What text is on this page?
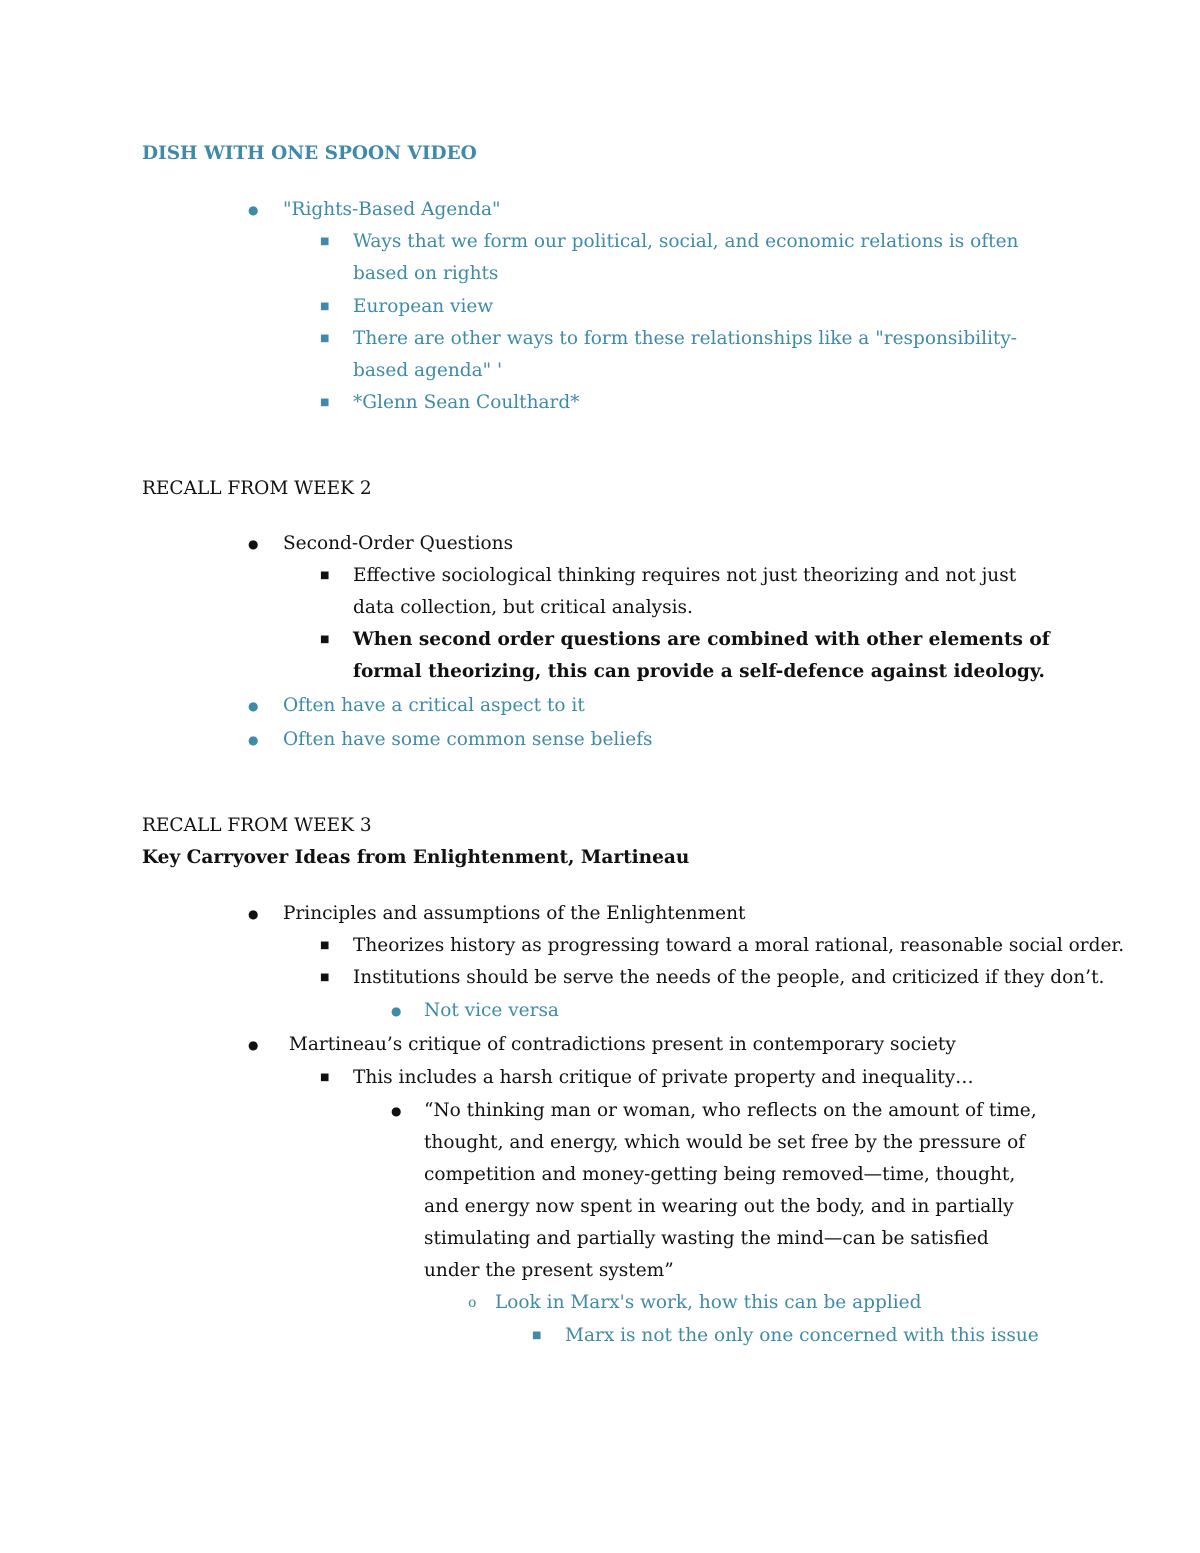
DISH WITH ONE SPOON VIDEO
●	"Rights-Based Agenda"
■	Ways that we form our political, social, and economic relations is often based on rights
■	European view
■	There are other ways to form these relationships like a "responsibility-based agenda" '
■	*Glenn Sean Coulthard*
RECALL FROM WEEK 2
●	Second-Order Questions
■	Effective sociological thinking requires not just theorizing and not just data collection, but critical analysis.
■	When second order questions are combined with other elements of formal theorizing, this can provide a self-defence against ideology.
●	Often have a critical aspect to it
●	Often have some common sense beliefs
RECALL FROM WEEK 3
Key Carryover Ideas from Enlightenment, Martineau
●	Principles and assumptions of the Enlightenment
■	Theorizes history as progressing toward a moral rational, reasonable social order.
■	Institutions should be serve the needs of the people, and criticized if they don’t.
●	Not vice versa
●	Martineau’s critique of contradictions present in contemporary society
■	This includes a harsh critique of private property and inequality…
●	“No thinking man or woman, who reflects on the amount of time, thought, and energy, which would be set free by the pressure of competition and money-getting being removed—time, thought, and energy now spent in wearing out the body, and in partially stimulating and partially wasting the mind—can be satisfied under the present system”
o	Look in Marx's work, how this can be applied
■	Marx is not the only one concerned with this issue
